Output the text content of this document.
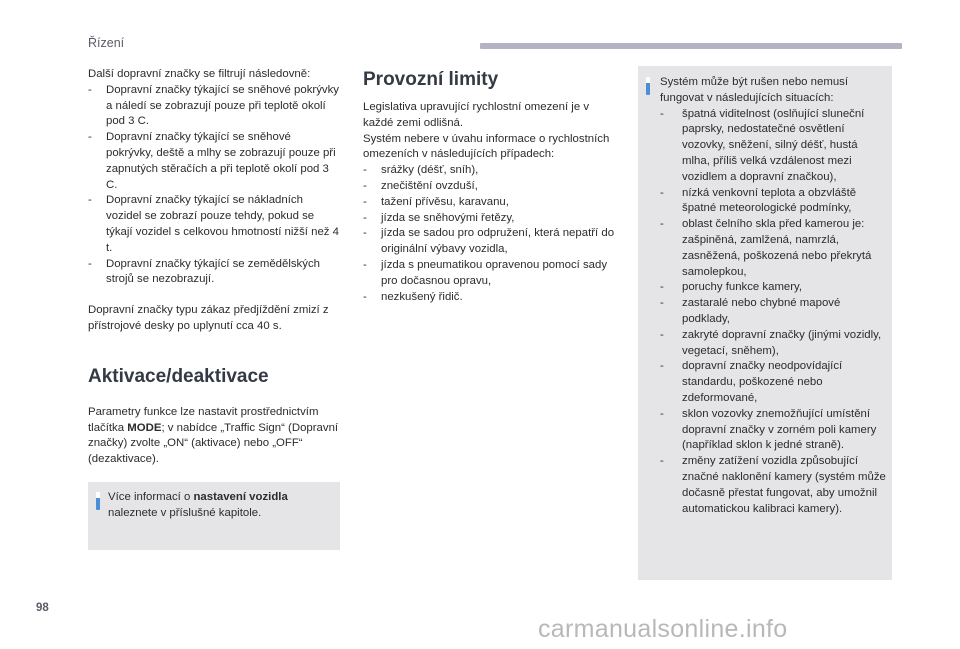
Řízení

Další dopravní značky se filtrují následovně:

- Dopravní značky týkající se sněhové pokrývky a náledí se zobrazují pouze při teplotě okolí pod 3 C.
- Dopravní značky týkající se sněhové pokrývky, deště a mlhy se zobrazují pouze při zapnutých stěračích a při teplotě okolí pod 3 C.
- Dopravní značky týkající se nákladních vozidel se zobrazí pouze tehdy, pokud se týkají vozidel s celkovou hmotností nižší než 4 t.
- Dopravní značky týkající se zemědělských strojů se nezobrazují.

Dopravní značky typu zákaz předjíždění zmizí z přístrojové desky po uplynutí cca 40 s.

Aktivace/deaktivace

Parametry funkce lze nastavit prostřednictvím tlačítka MODE; v nabídce „Traffic Sign“ (Dopravní značky) zvolte „ON“ (aktivace) nebo „OFF“ (dezaktivace).

Více informací o nastavení vozidla naleznete v příslušné kapitole.
Provozní limity

Legislativa upravující rychlostní omezení je v každé zemi odlišná.

Systém nebere v úvahu informace o rychlostních omezeních v následujících případech:

- srážky (déšť, sníh),
- znečištění ovzduší,
- tažení přívěsu, karavanu,
- jízda se sněhovými řetězy,
- jízda se sadou pro odpružení, která nepatří do originální výbavy vozidla,
- jízda s pneumatikou opravenou pomocí sady pro dočasnou opravu,
- nezkušený řidič.

Systém může být rušen nebo nemusí fungovat v následujících situacích:

- špatná viditelnost (oslňující sluneční paprsky, nedostatečné osvětlení vozovky, sněžení, silný déšť, hustá mlha, příliš velká vzdálenost mezi vozidlem a dopravní značkou),
- nízká venkovní teplota a obzvláště špatné meteorologické podmínky,
- oblast čelního skla před kamerou je: zašpiněná, zamlžená, namrzlá, zasněžená, poškozená nebo překrytá samolepkou,
- poruchy funkce kamery,
- zastaralé nebo chybné mapové podklady,
- zakryté dopravní značky (jinými vozidly, vegetací, sněhem),
- dopravní značky neodpovídající standardu, poškozené nebo zdeformované,
- sklon vozovky znemožňující umístění dopravní značky v zorném poli kamery (například sklon k jedné straně).
- změny zatížení vozidla způsobující značné naklonění kamery (systém může dočasně přestat fungovat, aby umožnil automatickou kalibraci kamery).
98
carmanualsonline.info
